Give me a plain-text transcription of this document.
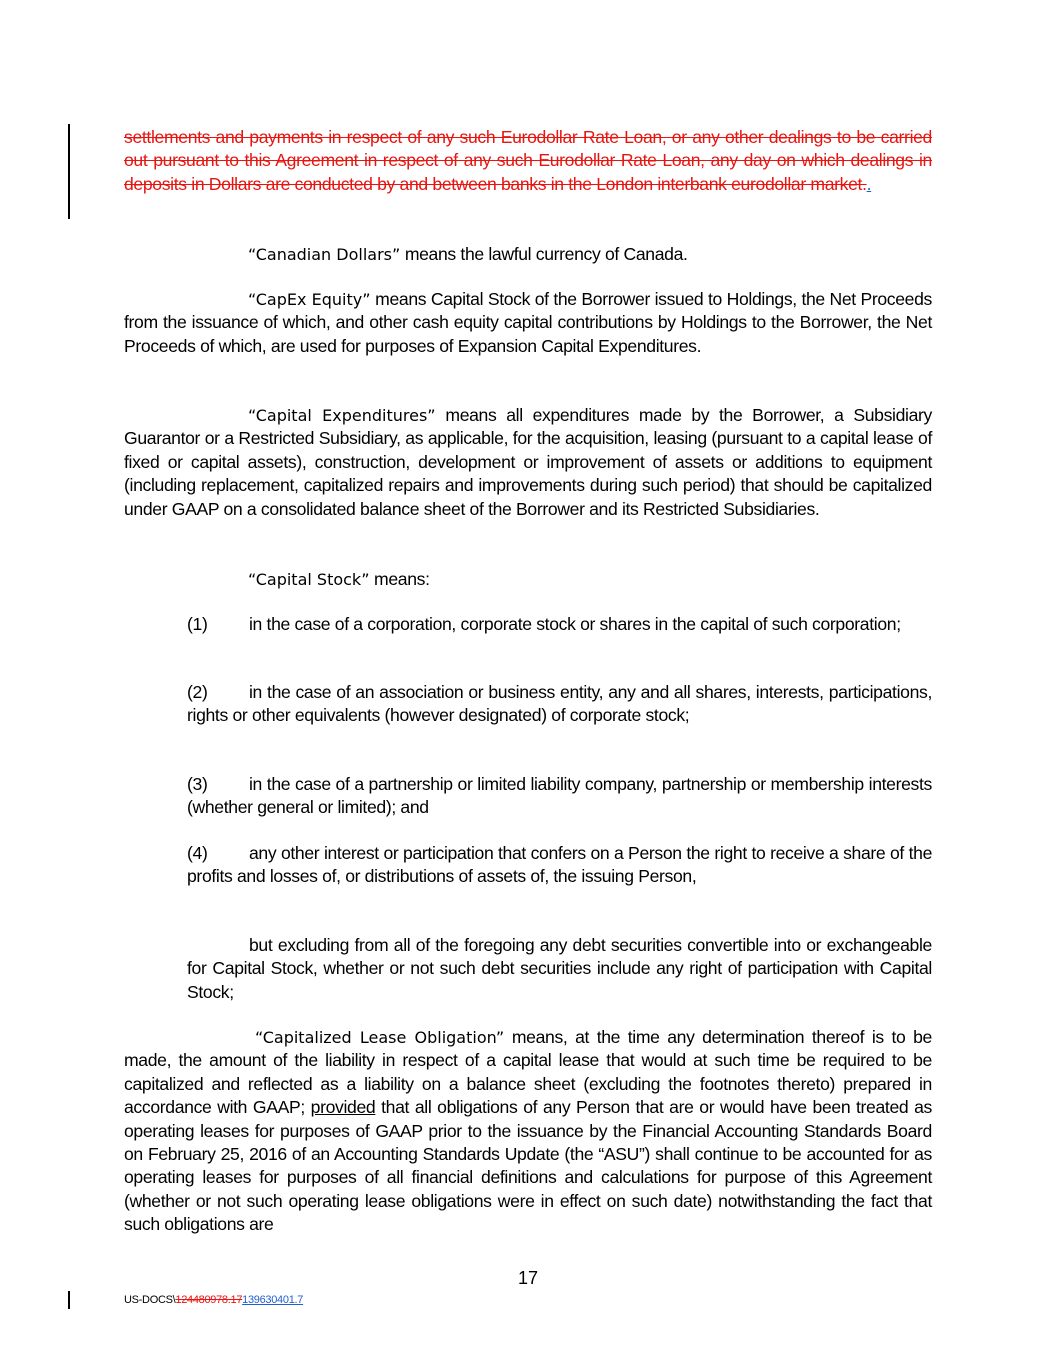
settlements and payments in respect of any such Eurodollar Rate Loan, or any other dealings to be carried out pursuant to this Agreement in respect of any such Eurodollar Rate Loan, any day on which dealings in deposits in Dollars are conducted by and between banks in the London interbank eurodollar market..
“Canadian Dollars” means the lawful currency of Canada.
“CapEx Equity” means Capital Stock of the Borrower issued to Holdings, the Net Proceeds from the issuance of which, and other cash equity capital contributions by Holdings to the Borrower, the Net Proceeds of which, are used for purposes of Expansion Capital Expenditures.
“Capital Expenditures” means all expenditures made by the Borrower, a Subsidiary Guarantor or a Restricted Subsidiary, as applicable, for the acquisition, leasing (pursuant to a capital lease of fixed or capital assets), construction, development or improvement of assets or additions to equipment (including replacement, capitalized repairs and improvements during such period) that should be capitalized under GAAP on a consolidated balance sheet of the Borrower and its Restricted Subsidiaries.
“Capital Stock” means:
(1) in the case of a corporation, corporate stock or shares in the capital of such corporation;
(2) in the case of an association or business entity, any and all shares, interests, participations, rights or other equivalents (however designated) of corporate stock;
(3) in the case of a partnership or limited liability company, partnership or membership interests (whether general or limited); and
(4) any other interest or participation that confers on a Person the right to receive a share of the profits and losses of, or distributions of assets of, the issuing Person,
but excluding from all of the foregoing any debt securities convertible into or exchangeable for Capital Stock, whether or not such debt securities include any right of participation with Capital Stock;
“Capitalized Lease Obligation” means, at the time any determination thereof is to be made, the amount of the liability in respect of a capital lease that would at such time be required to be capitalized and reflected as a liability on a balance sheet (excluding the footnotes thereto) prepared in accordance with GAAP; provided that all obligations of any Person that are or would have been treated as operating leases for purposes of GAAP prior to the issuance by the Financial Accounting Standards Board on February 25, 2016 of an Accounting Standards Update (the “ASU”) shall continue to be accounted for as operating leases for purposes of all financial definitions and calculations for purpose of this Agreement (whether or not such operating lease obligations were in effect on such date) notwithstanding the fact that such obligations are
17
US-DOCS\124480978.17139630401.7
